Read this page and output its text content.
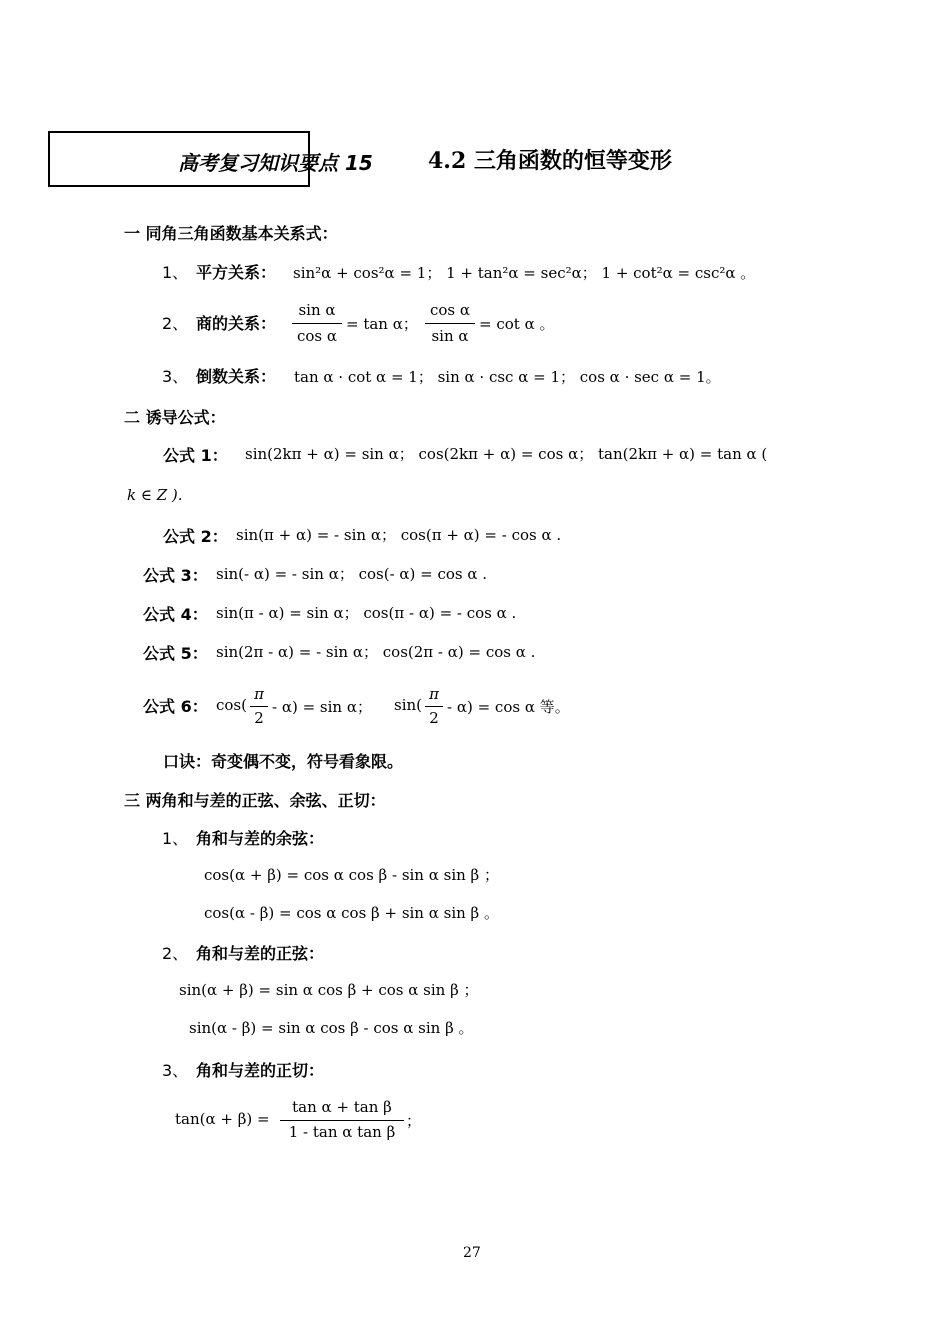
高考复习知识要点 15	4.2 三角函数的恒等变形
一 同角三角函数基本关系式：
1、 平方关系： sin²α + cos²α = 1； 1 + tan²α = sec²α； 1 + cot²α = csc²α 。
2、 商的关系：
sin α
cos α
= tan α；
cos α
sin α
= cot α 。
3、 倒数关系： tan α · cot α = 1； sin α · csc α = 1； cos α · sec α = 1。
二 诱导公式：
公式 1： sin(2kπ + α) = sin α； cos(2kπ + α) = cos α； tan(2kπ + α) = tan α (
k ∈ Z ).
公式 2： sin(π + α) = - sin α； cos(π + α) = - cos α .
公式 3： sin(- α) = - sin α； cos(- α) = cos α .
公式 4： sin(π - α) = sin α； cos(π - α) = - cos α .
公式 5： sin(2π - α) = - sin α； cos(2π - α) = cos α .
公式 6： cos(
π
2
- α) = sin α； sin(
π
2
- α) = cos α 等。
口诀：奇变偶不变，符号看象限。
三 两角和与差的正弦、余弦、正切：
1、 角和与差的余弦：
cos(α + β) = cos α cos β - sin α sin β ；
cos(α - β) = cos α cos β + sin α sin β 。
2、 角和与差的正弦：
sin(α + β) = sin α cos β + cos α sin β ；
sin(α - β) = sin α cos β - cos α sin β 。
3、 角和与差的正切：
tan(α + β) =
tan α + tan β
1 - tan α tan β
；
27
